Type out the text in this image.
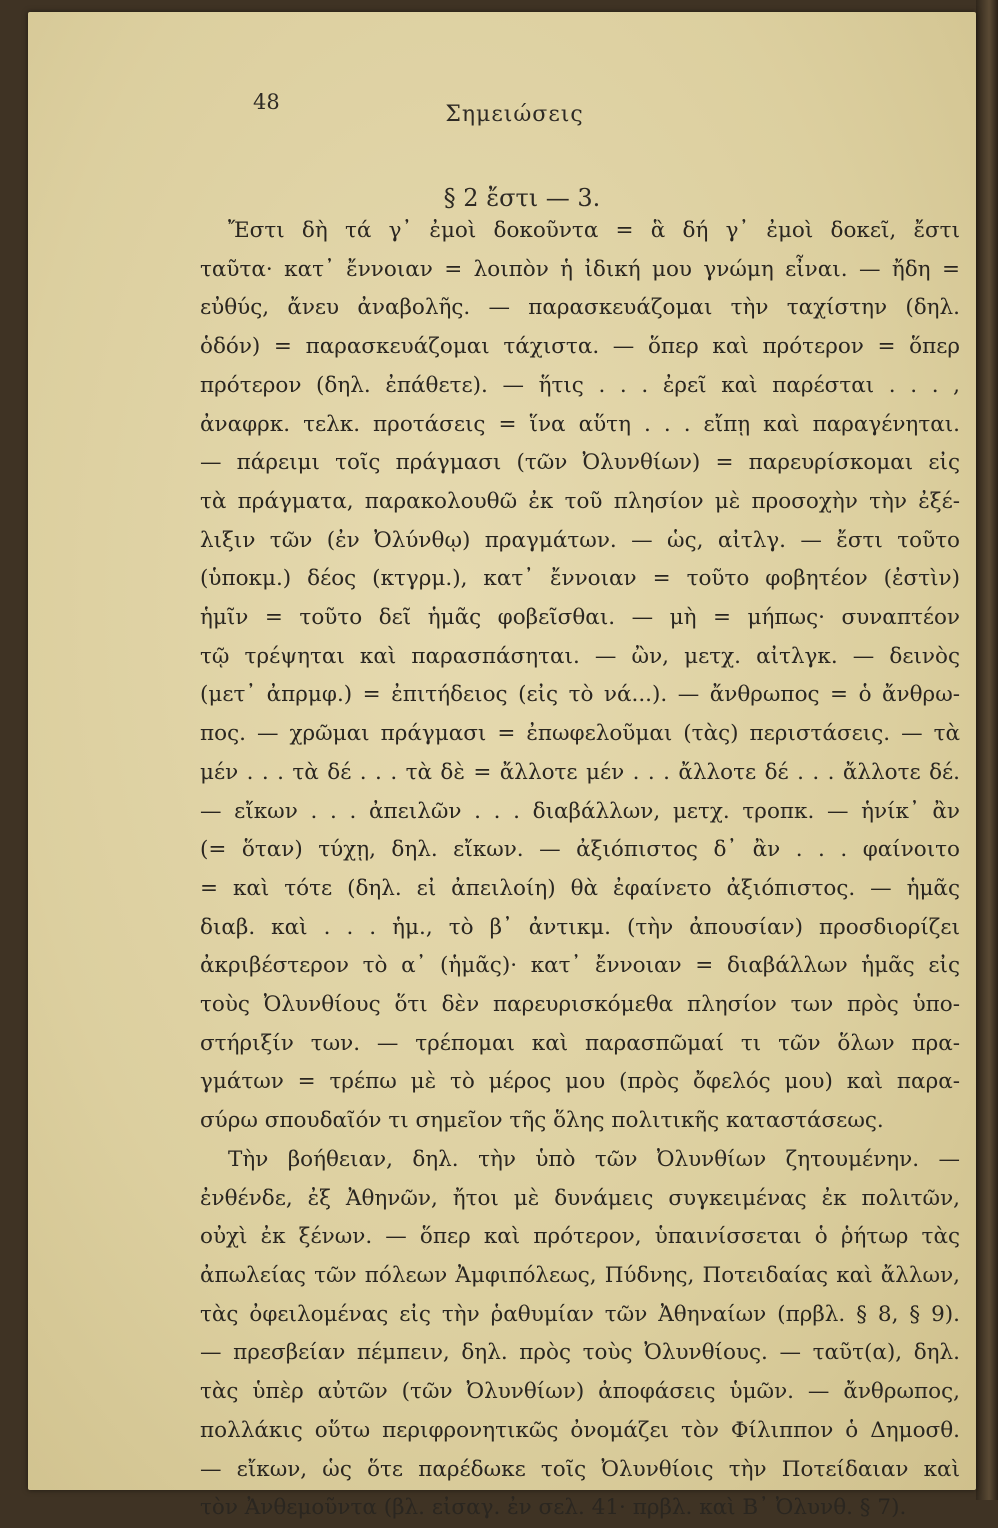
48	Σημειώσεις
§ 2 ἔστι — 3.

Ἔστι δὴ τά γ᾽ ἐμοὶ δοκοῦντα = ἃ δή γ᾽ ἐμοὶ δοκεῖ, ἔστι
ταῦτα· κατ᾽ ἔννοιαν = λοιπὸν ἡ ἰδική μου γνώμη εἶναι. — ἤδη =
εὐθύς, ἄνευ ἀναβολῆς. — παρασκευάζομαι τὴν ταχίστην (δηλ.
ὁδόν) = παρασκευάζομαι τάχιστα. — ὅπερ καὶ πρότερον = ὅπερ
πρότερον (δηλ. ἐπάθετε). — ἥτις . . . ἐρεῖ καὶ παρέσται . . . ,
ἀναφρκ. τελκ. προτάσεις = ἵνα αὕτη . . . εἴπῃ καὶ παραγένηται.
— πάρειμι τοῖς πράγμασι (τῶν Ὀλυνθίων) = παρευρίσκομαι εἰς
τὰ πράγματα, παρακολουθῶ ἐκ τοῦ πλησίον μὲ προσοχὴν τὴν ἐξέ-
λιξιν τῶν (ἐν Ὀλύνθῳ) πραγμάτων. — ὡς, αἰτλγ. — ἔστι τοῦτο
(ὑποκμ.) δέος (κτγρμ.), κατ᾽ ἔννοιαν = τοῦτο φοβητέον (ἐστὶν)
ἡμῖν = τοῦτο δεῖ ἡμᾶς φοβεῖσθαι. — μὴ = μήπως· συναπτέον
τῷ τρέψηται καὶ παρασπάσηται. — ὢν, μετχ. αἰτλγκ. — δεινὸς
(μετ᾽ ἀπρμφ.) = ἐπιτήδειος (εἰς τὸ νά...). — ἄνθρωπος = ὁ ἄνθρω-
πος. — χρῶμαι πράγμασι = ἐπωφελοῦμαι (τὰς) περιστάσεις. — τὰ
μέν . . . τὰ δέ . . . τὰ δὲ = ἄλλοτε μέν . . . ἄλλοτε δέ . . . ἄλλοτε δέ.
— εἴκων . . . ἀπειλῶν . . . διαβάλλων, μετχ. τροπκ. — ἡνίκ᾽ ἂν
(= ὅταν) τύχῃ, δηλ. εἴκων. — ἀξιόπιστος δ᾽ ἂν . . . φαίνοιτο
= καὶ τότε (δηλ. εἰ ἀπειλοίη) θὰ ἐφαίνετο ἀξιόπιστος. — ἡμᾶς
διαβ. καὶ . . . ἡμ., τὸ β᾽ ἀντικμ. (τὴν ἀπουσίαν) προσδιορίζει
ἀκριβέστερον τὸ α᾽ (ἡμᾶς)· κατ᾽ ἔννοιαν = διαβάλλων ἡμᾶς εἰς
τοὺς Ὀλυνθίους ὅτι δὲν παρευρισκόμεθα πλησίον των πρὸς ὑπο-
στήριξίν των. — τρέπομαι καὶ παρασπῶμαί τι τῶν ὅλων πρα-
γμάτων = τρέπω μὲ τὸ μέρος μου (πρὸς ὄφελός μου) καὶ παρα-
σύρω σπουδαῖόν τι σημεῖον τῆς ὅλης πολιτικῆς καταστάσεως.

Τὴν βοήθειαν, δηλ. τὴν ὑπὸ τῶν Ὀλυνθίων ζητουμένην. —
ἐνθένδε, ἐξ Ἀθηνῶν, ἤτοι μὲ δυνάμεις συγκειμένας ἐκ πολιτῶν,
οὐχὶ ἐκ ξένων. — ὅπερ καὶ πρότερον, ὑπαινίσσεται ὁ ῥήτωρ τὰς
ἀπωλείας τῶν πόλεων Ἀμφιπόλεως, Πύδνης, Ποτειδαίας καὶ ἄλλων,
τὰς ὀφειλομένας εἰς τὴν ῥαθυμίαν τῶν Ἀθηναίων (πρβλ. § 8, § 9).
— πρεσβείαν πέμπειν, δηλ. πρὸς τοὺς Ὀλυνθίους. — ταῦτ(α), δηλ.
τὰς ὑπὲρ αὐτῶν (τῶν Ὀλυνθίων) ἀποφάσεις ὑμῶν. — ἄνθρωπος,
πολλάκις οὕτω περιφρονητικῶς ὀνομάζει τὸν Φίλιππον ὁ Δημοσθ.
— εἴκων, ὡς ὅτε παρέδωκε τοῖς Ὀλυνθίοις τὴν Ποτείδαιαν καὶ
τὸν Ἀνθεμοῦντα (βλ. εἰσαγ. ἐν σελ. 41· πρβλ. καὶ Β᾽ Ὀλυνθ. § 7).
